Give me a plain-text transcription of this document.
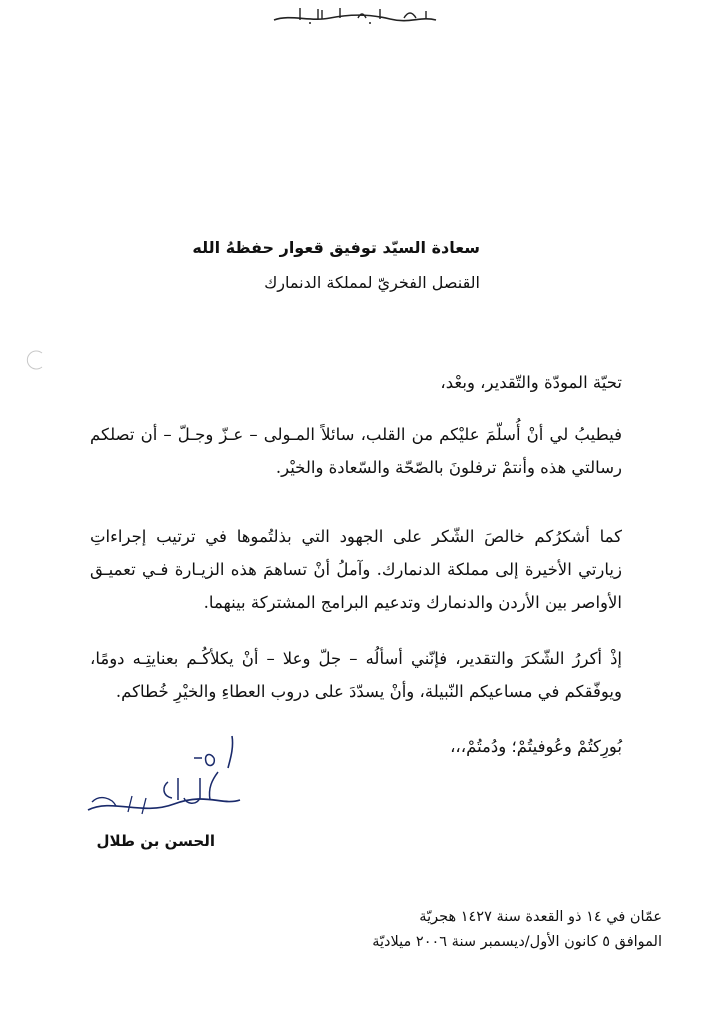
سعادة السيّد توفيق قعوار حفظهُ الله
القنصل الفخريّ لمملكة الدنمارك
تحيّة المودّة والتّقدير، وبعْد،
فيطيبُ لي أنْ أُسلّمَ عليْكم من القلب، سائلاً المـولى – عـزّ وجـلّ – أن تصلكم رسالتي هذه وأنتمْ ترفلونَ بالصّحّة والسّعادة والخيْر.
كما أشكرُكم خالصَ الشّكر على الجهود التي بذلتُموها في ترتيب إجراءاتِ زيارتي الأخيرة إلى مملكة الدنمارك. وآملُ أنْ تساهمَ هذه الزيـارة فـي تعميـق الأواصر بين الأردن والدنمارك وتدعيم البرامج المشتركة بينهما.
إذْ أكررُ الشّكرَ والتقدير، فإنّني أسألُه – جلّ وعلا – أنْ يكلأكُـم بعنايتِـه دومًا، ويوفّقكم في مساعيكم النّبيلة، وأنْ يسدّدَ على دروب العطاءِ والخيْرِ خُطاكم.
بُورِكتُمْ وعُوفيتُمْ؛ ودُمتُمْ،،،
الحسن بن طلال
عمّان في ١٤ ذو القعدة سنة ١٤٢٧ هجريّة
الموافق ٥ كانون الأول/ديسمبر سنة ٢٠٠٦ ميلاديّة
